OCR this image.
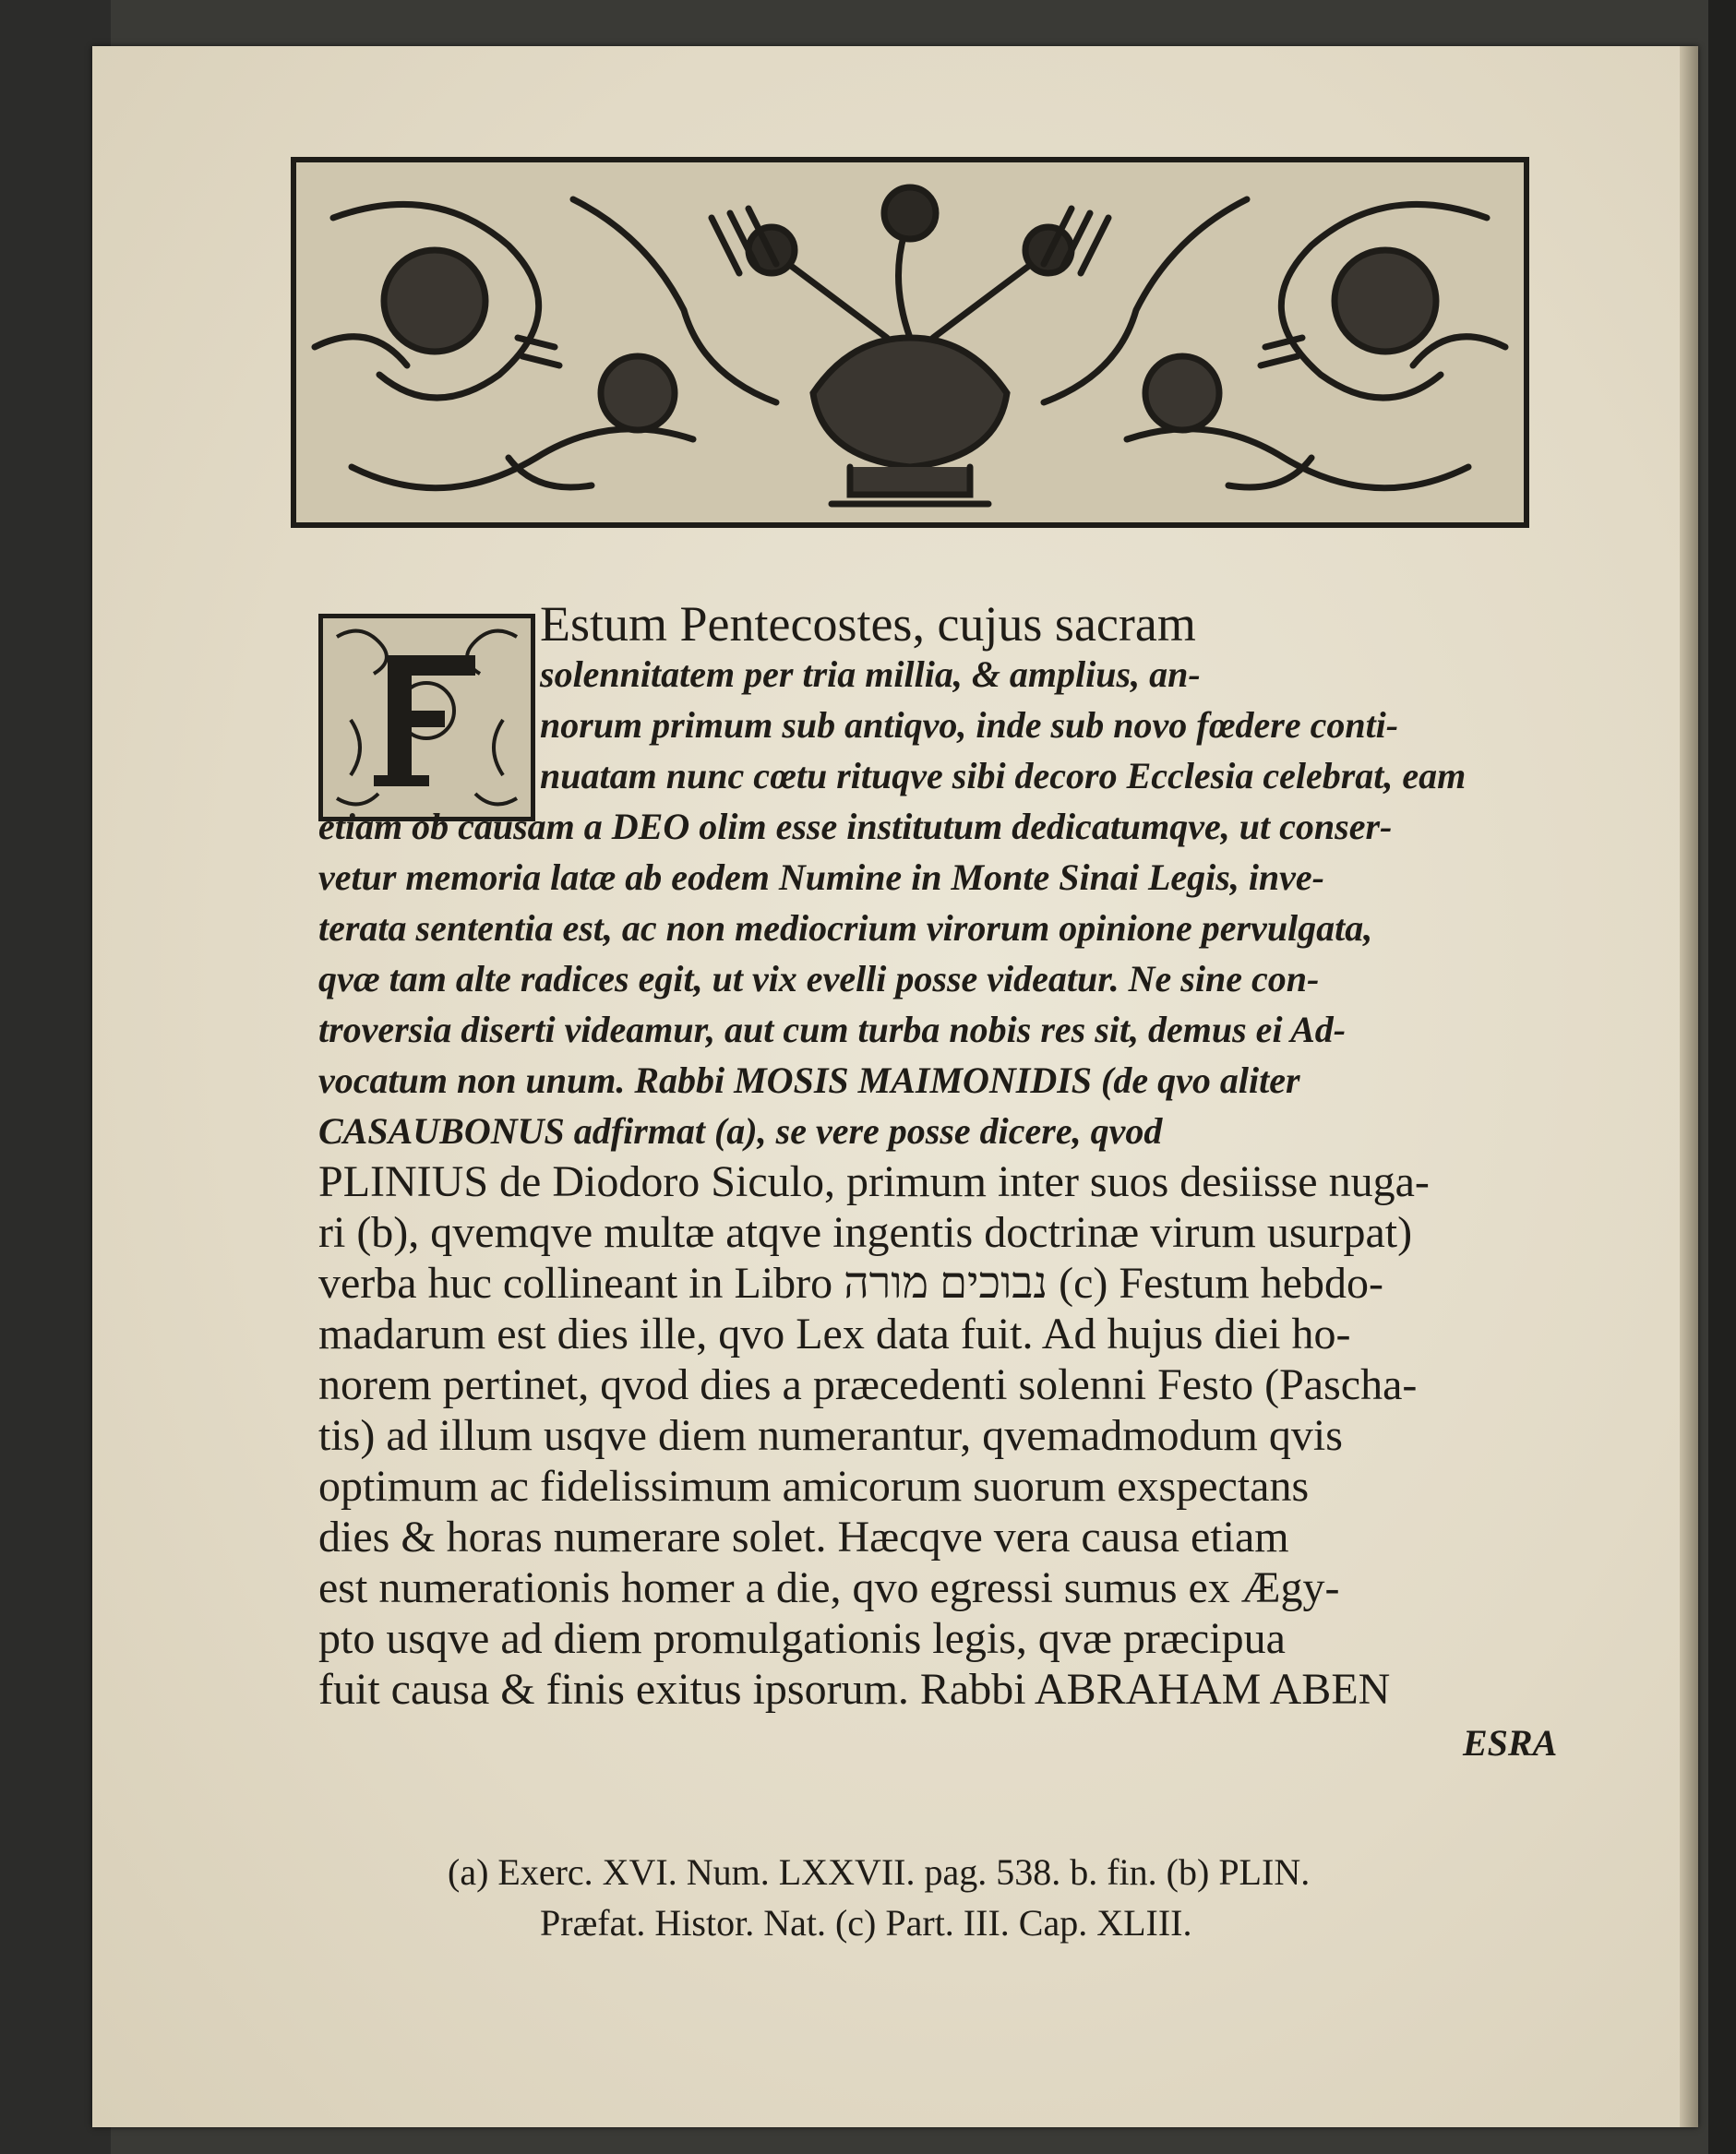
Estum Pentecostes, cujus sacram
solennitatem per tria millia, & amplius, an-
norum primum sub antiqvo, inde sub novo fœdere conti-
nuatam nunc cœtu rituqve sibi decoro Ecclesia celebrat, eam
etiam ob causam a DEO olim esse institutum dedicatumqve, ut conser-
vetur memoria latæ ab eodem Numine in Monte Sinai Legis, inve-
terata sententia est, ac non mediocrium virorum opinione pervulgata,
qvæ tam alte radices egit, ut vix evelli posse videatur. Ne sine con-
troversia diserti videamur, aut cum turba nobis res sit, demus ei Ad-
vocatum non unum. Rabbi MOSIS MAIMONIDIS (de qvo aliter
CASAUBONUS adfirmat (a), se vere posse dicere, qvod
PLINIUS de Diodoro Siculo, primum inter suos desiisse nuga-
ri (b), qvemqve multæ atqve ingentis doctrinæ virum usurpat)
verba huc collineant in Libro נבוכים מורה (c) Festum hebdo-
madarum est dies ille, qvo Lex data fuit. Ad hujus diei ho-
norem pertinet, qvod dies a præcedenti solenni Festo (Pascha-
tis) ad illum usqve diem numerantur, qvemadmodum qvis
optimum ac fidelissimum amicorum suorum exspectans
dies & horas numerare solet. Hæcqve vera causa etiam
est numerationis homer a die, qvo egressi sumus ex Ægy-
pto usqve ad diem promulgationis legis, qvæ præcipua
fuit causa & finis exitus ipsorum. Rabbi ABRAHAM ABEN
ESRA
(a) Exerc. XVI. Num. LXXVII. pag. 538. b. fin. (b) PLIN.
Præfat. Histor. Nat. (c) Part. III. Cap. XLIII.
